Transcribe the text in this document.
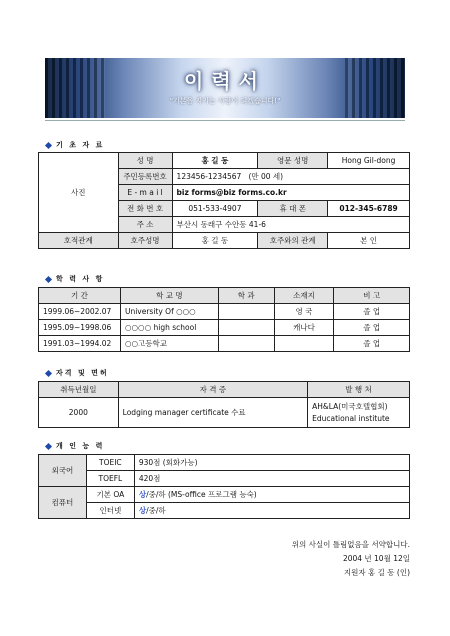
이력서
"기본을 지키는 사람이 되겠습니다!"
기 초 자 료
사진	성 명	홍 길 동	영문 성명	Hong Gil-dong
	주민등록번호	123456-1234567 (만 00 세)		
	E - m a i l	biz forms@biz forms.co.kr		
	전 화 번 호	051-533-4907	휴 대 폰	012-345-6789
	주 소	부산시 동래구 수안동 41-6		
호적관계	호주성명	홍 길 동	호주와의 관계	본 인
학 력 사 항
기 간	학 교 명	학 과	소재지	비 고
1999.06~2002.07	University Of ○○○		영 국	졸 업
1995.09~1998.06	○○○○ high school		캐나다	졸 업
1991.03~1994.02	○○고등학교			졸 업
자격 및 면허
취득년월일	자 격 증	발 행 처
2000	Lodging manager certificate 수료	AH&LA(미국호텔협회)
Educational institute
개 인 능 력
외국어	TOEIC	930점 (회화가능)
	TOEFL	420점
컴퓨터	기본 OA	상/중/하 (MS-office 프로그램 능숙)
	인터넷	상/중/하
위의 사실이 틀림없음을 서약합니다.
2004 년 10월 12일
지원자 홍 길 동 (인)
